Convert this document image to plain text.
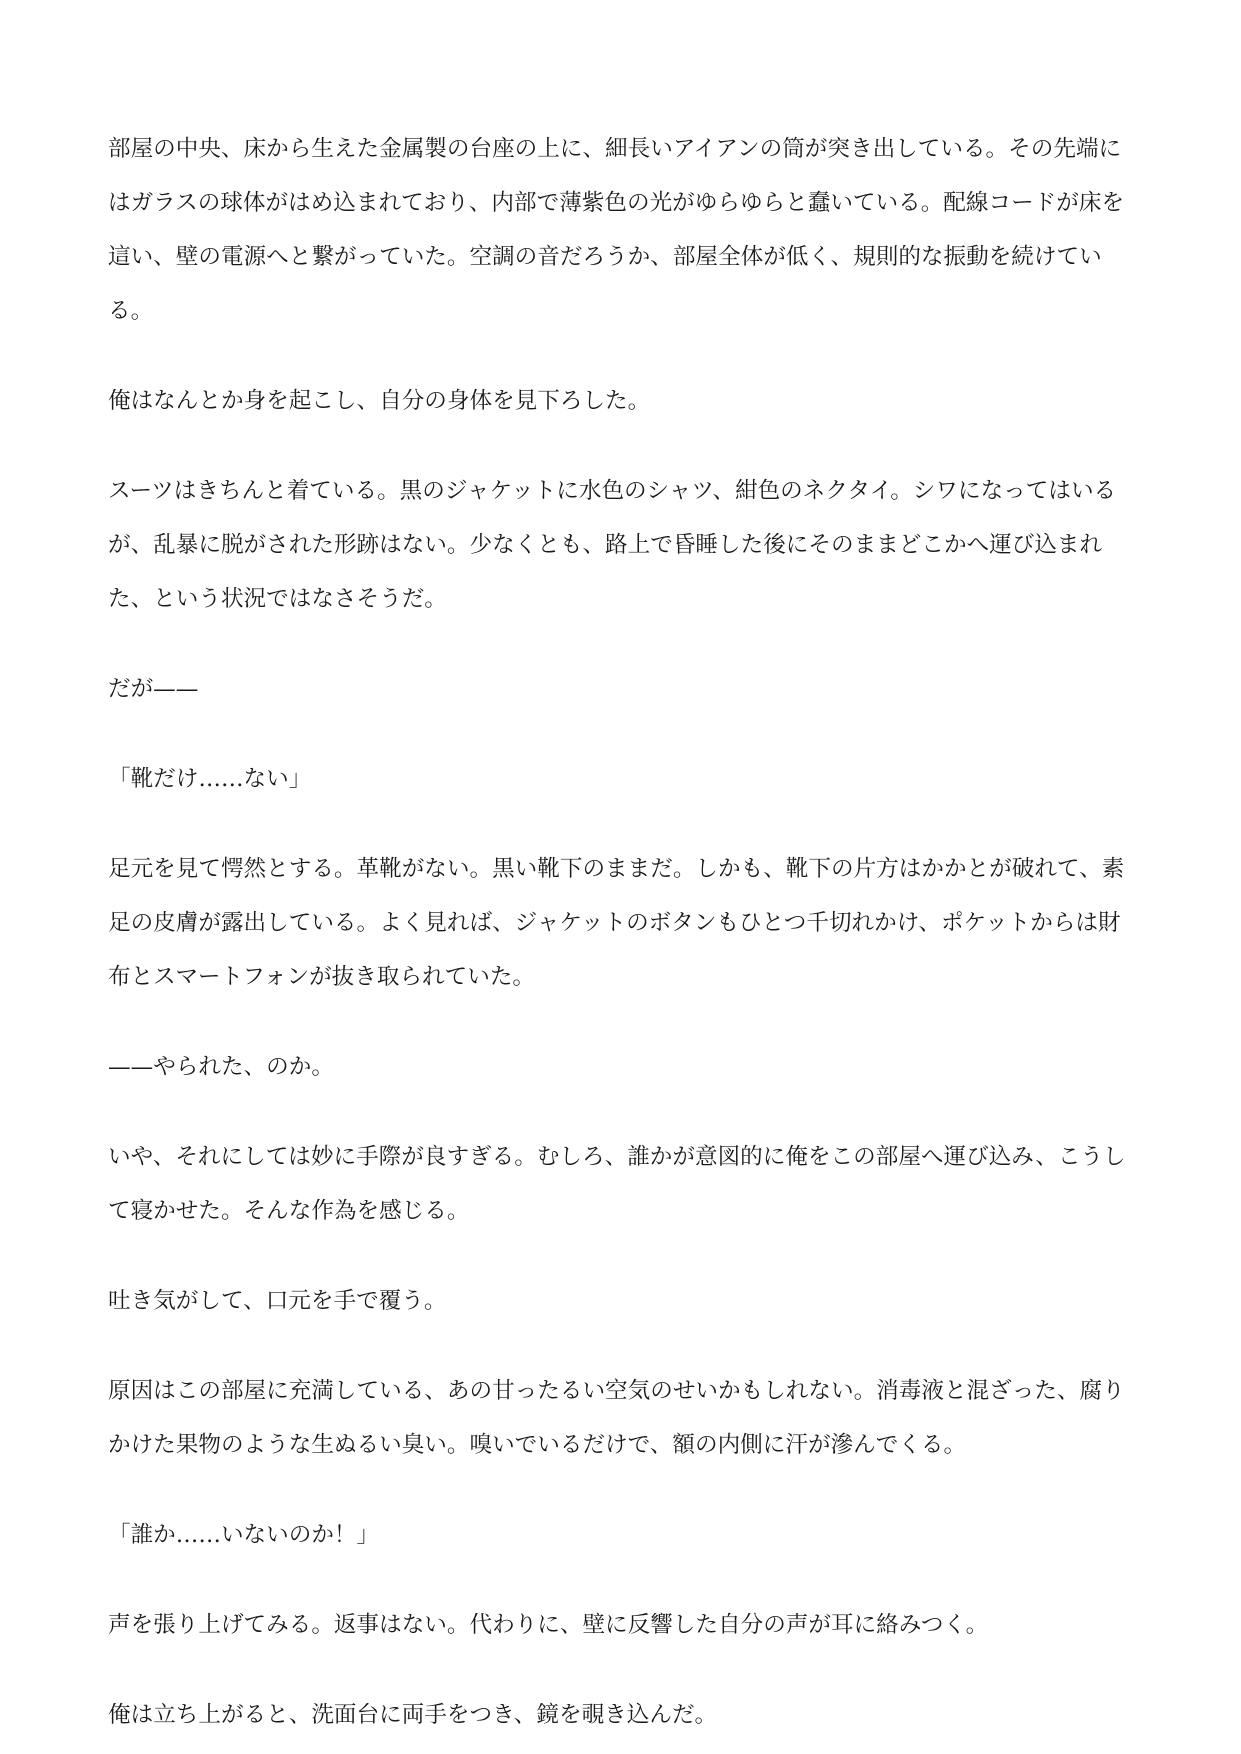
部屋の中央、床から生えた金属製の台座の上に、細長いアイアンの筒が突き出している。その先端にはガラスの球体がはめ込まれており、内部で薄紫色の光がゆらゆらと蠢いている。配線コードが床を這い、壁の電源へと繋がっていた。空調の音だろうか、部屋全体が低く、規則的な振動を続けている。

俺はなんとか身を起こし、自分の身体を見下ろした。

スーツはきちんと着ている。黒のジャケットに水色のシャツ、紺色のネクタイ。シワになってはいるが、乱暴に脱がされた形跡はない。少なくとも、路上で昏睡した後にそのままどこかへ運び込まれた、という状況ではなさそうだ。

だが——

「靴だけ……ない」

足元を見て愕然とする。革靴がない。黒い靴下のままだ。しかも、靴下の片方はかかとが破れて、素足の皮膚が露出している。よく見れば、ジャケットのボタンもひとつ千切れかけ、ポケットからは財布とスマートフォンが抜き取られていた。

——やられた、のか。

いや、それにしては妙に手際が良すぎる。むしろ、誰かが意図的に俺をこの部屋へ運び込み、こうして寝かせた。そんな作為を感じる。

吐き気がして、口元を手で覆う。

原因はこの部屋に充満している、あの甘ったるい空気のせいかもしれない。消毒液と混ざった、腐りかけた果物のような生ぬるい臭い。嗅いでいるだけで、額の内側に汗が滲んでくる。

「誰か……いないのか！」

声を張り上げてみる。返事はない。代わりに、壁に反響した自分の声が耳に絡みつく。

俺は立ち上がると、洗面台に両手をつき、鏡を覗き込んだ。
